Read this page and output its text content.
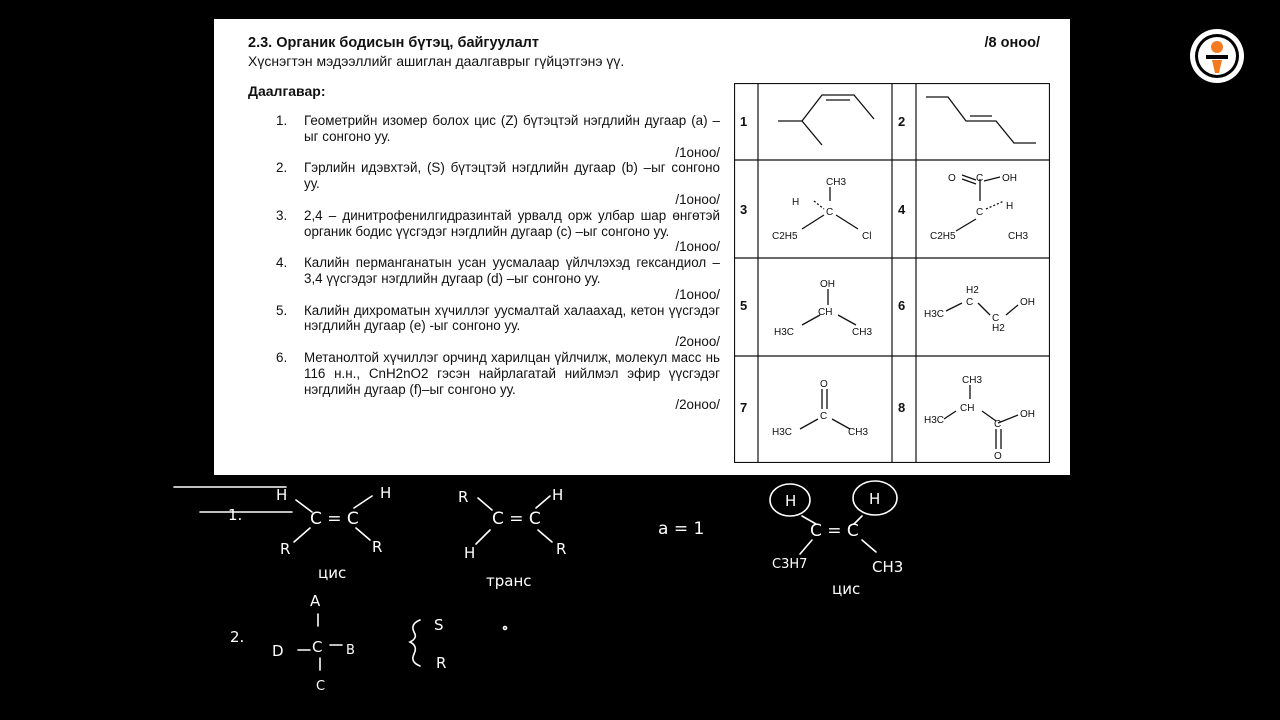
2.3. Органик бодисын бүтэц, байгуулалт	/8 оноо/
Хүснэгтэн мэдээллийг ашиглан даалгаврыг гүйцэтгэнэ үү.
Даалгавар:
1. Геометрийн изомер болох цис (Z) бүтэцтэй нэгдлийн дугаар (a) –ыг сонгоно уу.
/1оноо/
2. Гэрлийн идэвхтэй, (S) бүтэцтэй нэгдлийн дугаар (b) –ыг сонгоно уу.
/1оноо/
3. 2,4 – динитрофенилгидразинтай урвалд орж улбар шар өнгөтэй органик бодис үүсгэдэг нэгдлийн дугаар (c) –ыг сонгоно уу.
/1оноо/
4. Калийн перманганатын усан уусмалаар үйлчлэхэд гександиол – 3,4 үүсгэдэг нэгдлийн дугаар (d) –ыг сонгоно уу.
/1оноо/
5. Калийн дихроматын хүчиллэг уусмалтай халаахад, кетон үүсгэдэг нэгдлийн дугаар (e) -ыг сонгоно уу.
/2оноо/
6. Метанолтой хүчиллэг орчинд харилцан үйлчилж, молекул масс нь 116 н.н., CnH2nO2 гэсэн найрлагатай нийлмэл эфир үүсгэдэг нэгдлийн дугаар (f)–ыг сонгоно уу.
/2оноо/
1	2
3	4
5	6
7	8
CH3
H
C
Cl
C2H5
O C OH
C
H
C2H5	CH3
OH
CH
H3C	CH3
H2
C
H3C	C
H2
OH
O
C
H3C	CH3
CH3
CH
H3C	C
OH
O
1.
H	H
C = C
R	R
цис
R	H
C = C
H	R
транс
a = 1
H	H
C = C
C3H7	CH3
цис
2.
A
C B
D
C
S
R
